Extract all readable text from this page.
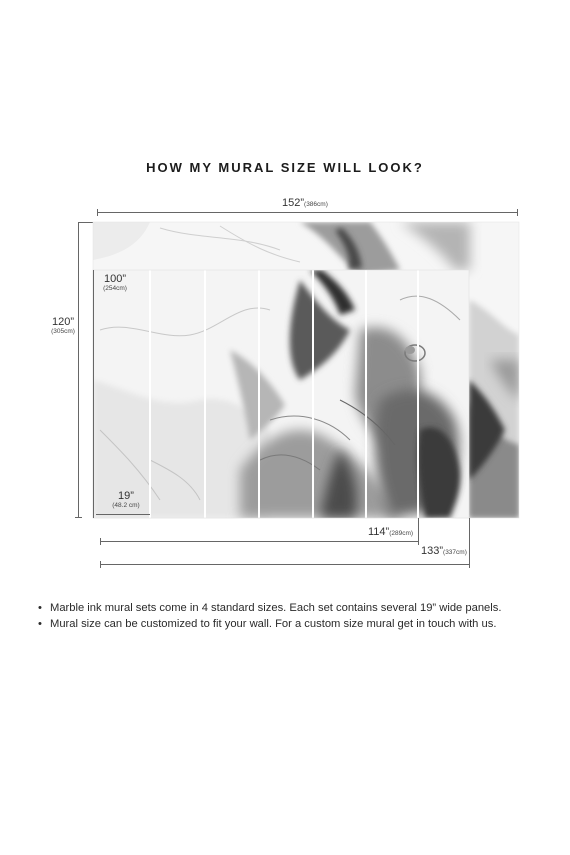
HOW MY MURAL SIZE WILL LOOK?
152”(386cm)
120”
(305cm)
100”
(254cm)
19”
(48.2 cm)
114”(289cm)
133”(337cm)
• Marble ink mural sets come in 4 standard sizes. Each set contains several 19” wide panels.
• Mural size can be customized to fit your wall. For a custom size mural get in touch with us.
